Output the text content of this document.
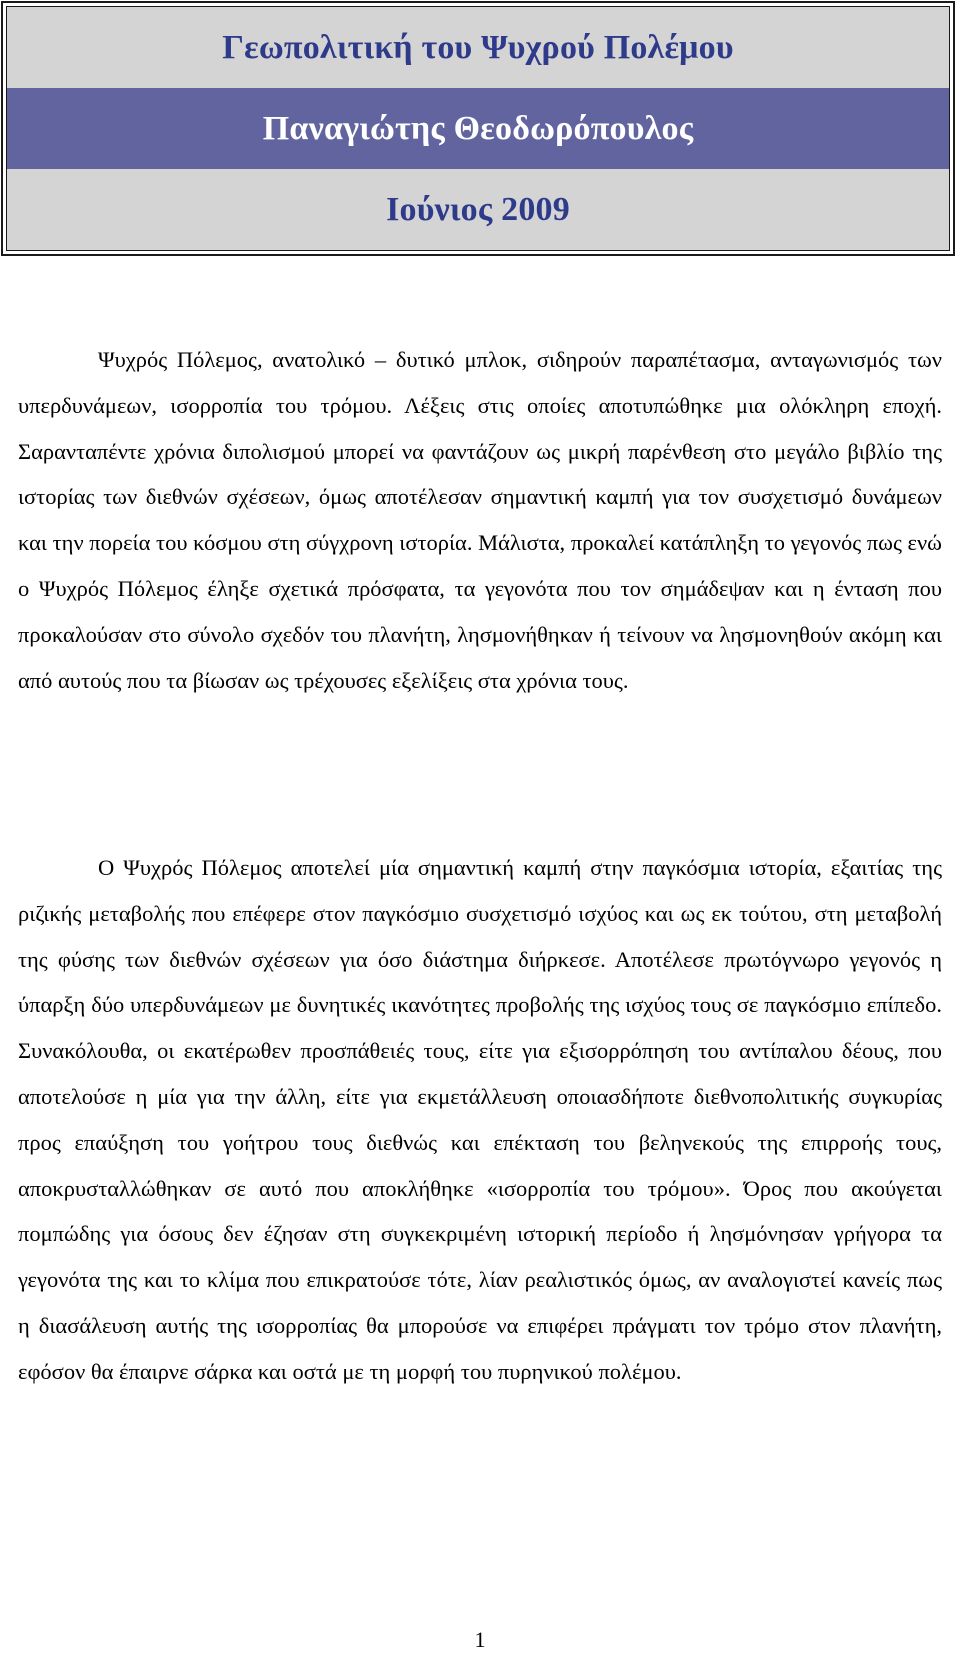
Γεωπολιτική του Ψυχρού Πολέμου
Παναγιώτης Θεοδωρόπουλος
Ιούνιος 2009

Ψυχρός Πόλεμος, ανατολικό – δυτικό μπλοκ, σιδηρούν παραπέτασμα, ανταγωνισμός των υπερδυνάμεων, ισορροπία του τρόμου. Λέξεις στις οποίες αποτυπώθηκε μια ολόκληρη εποχή. Σαρανταπέντε χρόνια διπολισμού μπορεί να φαντάζουν ως μικρή παρένθεση στο μεγάλο βιβλίο της ιστορίας των διεθνών σχέσεων, όμως αποτέλεσαν σημαντική καμπή για τον συσχετισμό δυνάμεων και την πορεία του κόσμου στη σύγχρονη ιστορία. Μάλιστα, προκαλεί κατάπληξη το γεγονός πως ενώ ο Ψυχρός Πόλεμος έληξε σχετικά πρόσφατα, τα γεγονότα που τον σημάδεψαν και η ένταση που προκαλούσαν στο σύνολο σχεδόν του πλανήτη, λησμονήθηκαν ή τείνουν να λησμονηθούν ακόμη και από αυτούς που τα βίωσαν ως τρέχουσες εξελίξεις στα χρόνια τους.

Ο Ψυχρός Πόλεμος αποτελεί μία σημαντική καμπή στην παγκόσμια ιστορία, εξαιτίας της ριζικής μεταβολής που επέφερε στον παγκόσμιο συσχετισμό ισχύος και ως εκ τούτου, στη μεταβολή της φύσης των διεθνών σχέσεων για όσο διάστημα διήρκεσε. Αποτέλεσε πρωτόγνωρο γεγονός η ύπαρξη δύο υπερδυνάμεων με δυνητικές ικανότητες προβολής της ισχύος τους σε παγκόσμιο επίπεδο. Συνακόλουθα, οι εκατέρωθεν προσπάθειές τους, είτε για εξισορρόπηση του αντίπαλου δέους, που αποτελούσε η μία για την άλλη, είτε για εκμετάλλευση οποιασδήποτε διεθνοπολιτικής συγκυρίας προς επαύξηση του γοήτρου τους διεθνώς και επέκταση του βεληνεκούς της επιρροής τους, αποκρυσταλλώθηκαν σε αυτό που αποκλήθηκε «ισορροπία του τρόμου». Όρος που ακούγεται πομπώδης για όσους δεν έζησαν στη συγκεκριμένη ιστορική περίοδο ή λησμόνησαν γρήγορα τα γεγονότα της και το κλίμα που επικρατούσε τότε, λίαν ρεαλιστικός όμως, αν αναλογιστεί κανείς πως η διασάλευση αυτής της ισορροπίας θα μπορούσε να επιφέρει πράγματι τον τρόμο στον πλανήτη, εφόσον θα έπαιρνε σάρκα και οστά με τη μορφή του πυρηνικού πολέμου.

1
